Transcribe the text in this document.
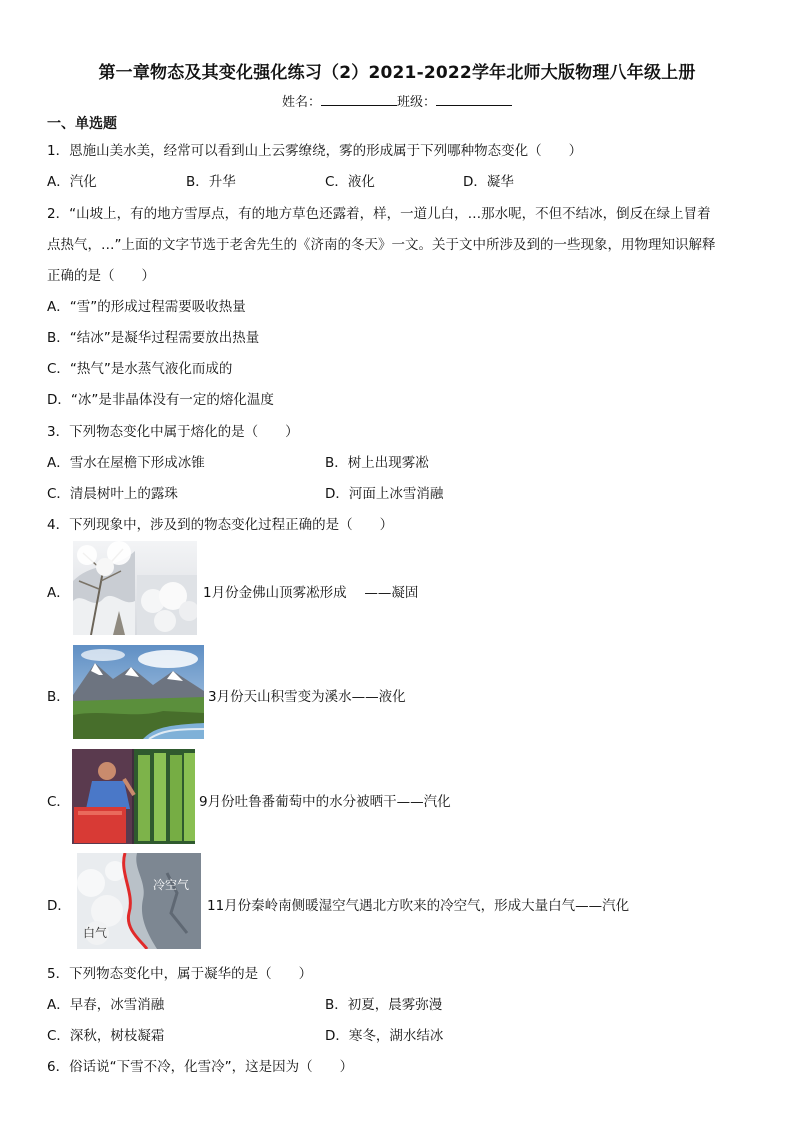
第一章物态及其变化强化练习（2）2021-2022学年北师大版物理八年级上册
姓名：	班级：
一、单选题
1．恩施山美水美，经常可以看到山上云雾缭绕，雾的形成属于下列哪种物态变化（　　）
A．汽化	B．升华	C．液化	D．凝华
2．“山坡上，有的地方雪厚点，有的地方草色还露着，样，一道儿白，…那水呢，不但不结冰，倒反在绿上冒着
点热气，…”上面的文字节选于老舍先生的《济南的冬天》一文。关于文中所涉及到的一些现象，用物理知识解释
正确的是（　　）
A．“雪”的形成过程需要吸收热量
B．“结冰”是凝华过程需要放出热量
C．“热气”是水蒸气液化而成的
D．“冰”是非晶体没有一定的熔化温度
3．下列物态变化中属于熔化的是（　　）
A．雪水在屋檐下形成冰锥	B．树上出现雾凇
C．清晨树叶上的露珠	D．河面上冰雪消融
4．下列现象中，涉及到的物态变化过程正确的是（　　）
A．	1月份金佛山顶雾凇形成　 ——凝固
B．	3月份天山积雪变为溪水——液化
C．	9月份吐鲁番葡萄中的水分被晒干——汽化
D．
冷空气
白气
11月份秦岭南侧暖湿空气遇北方吹来的冷空气，形成大量白气——汽化
5．下列物态变化中，属于凝华的是（　　）
A．早春，冰雪消融	B．初夏，晨雾弥漫
C．深秋，树枝凝霜	D．寒冬，湖水结冰
6．俗话说“下雪不冷，化雪冷”，这是因为（　　）
